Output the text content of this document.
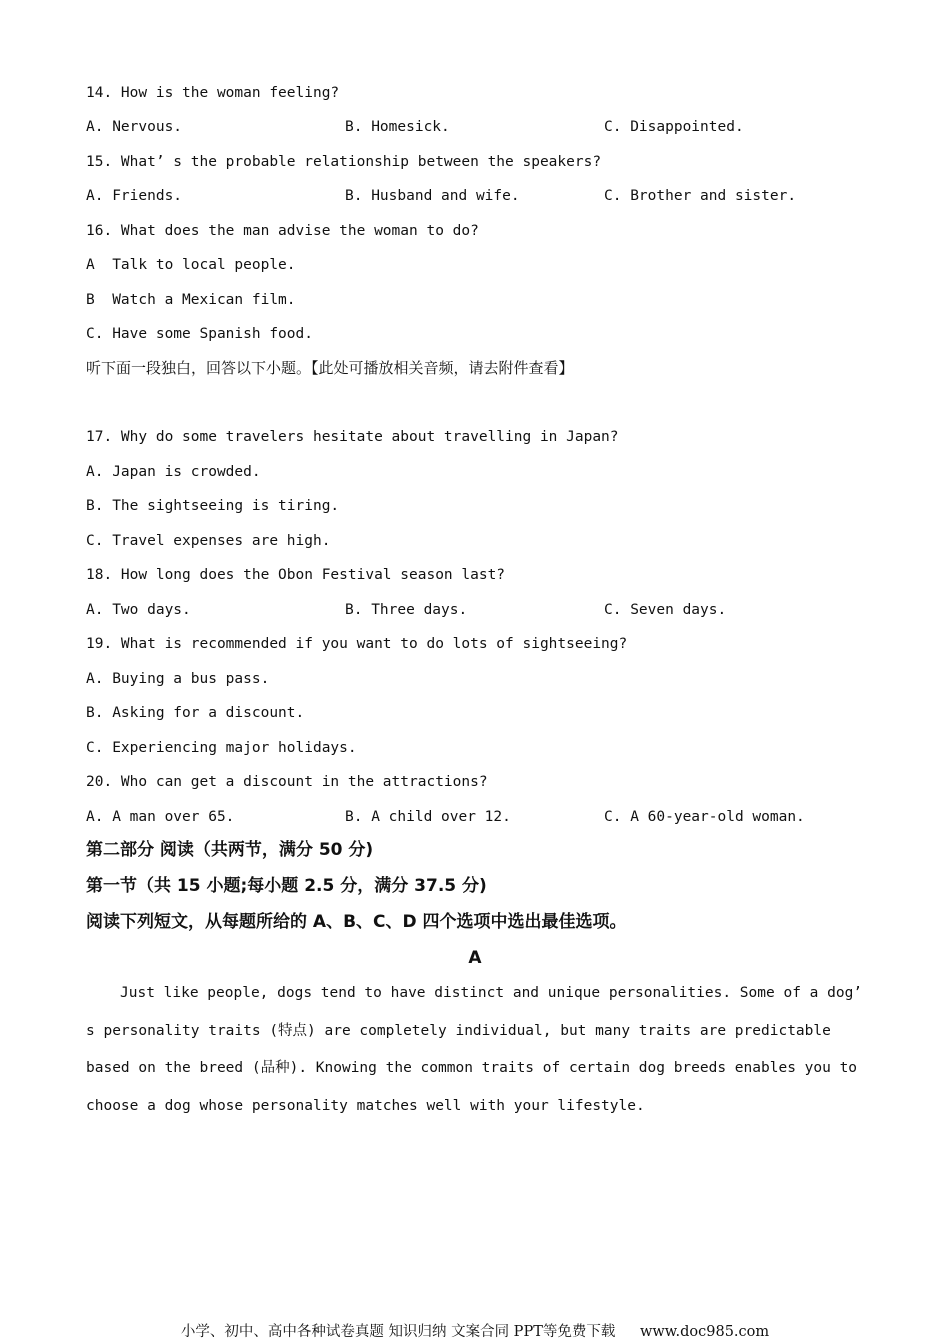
14. How is the woman feeling?
A. Nervous.	B. Homesick.	C. Disappointed.
15. What’ s the probable relationship between the speakers?
A. Friends.	B. Husband and wife.	C. Brother and sister.
16. What does the man advise the woman to do?
A  Talk to local people.
B  Watch a Mexican film.
C. Have some Spanish food.
听下面一段独白，回答以下小题。【此处可播放相关音频，请去附件查看】
17. Why do some travelers hesitate about travelling in Japan?
A. Japan is crowded.
B. The sightseeing is tiring.
C. Travel expenses are high.
18. How long does the Obon Festival season last?
A. Two days.	B. Three days.	C. Seven days.
19. What is recommended if you want to do lots of sightseeing?
A. Buying a bus pass.
B. Asking for a discount.
C. Experiencing major holidays.
20. Who can get a discount in the attractions?
A. A man over 65.	B. A child over 12.	C. A 60-year-old woman.
第二部分 阅读（共两节，满分 50 分)
第一节（共 15 小题;每小题 2.5 分，满分 37.5 分)
阅读下列短文，从每题所给的 A、B、C、D 四个选项中选出最佳选项。
A
Just like people, dogs tend to have distinct and unique personalities. Some of a dog’ s personality traits (特点) are completely individual, but many traits are predictable based on the breed (品种). Knowing the common traits of certain dog breeds enables you to choose a dog whose personality matches well with your lifestyle.
小学、初中、高中各种试卷真题 知识归纳 文案合同 PPT等免费下载 www.doc985.com
